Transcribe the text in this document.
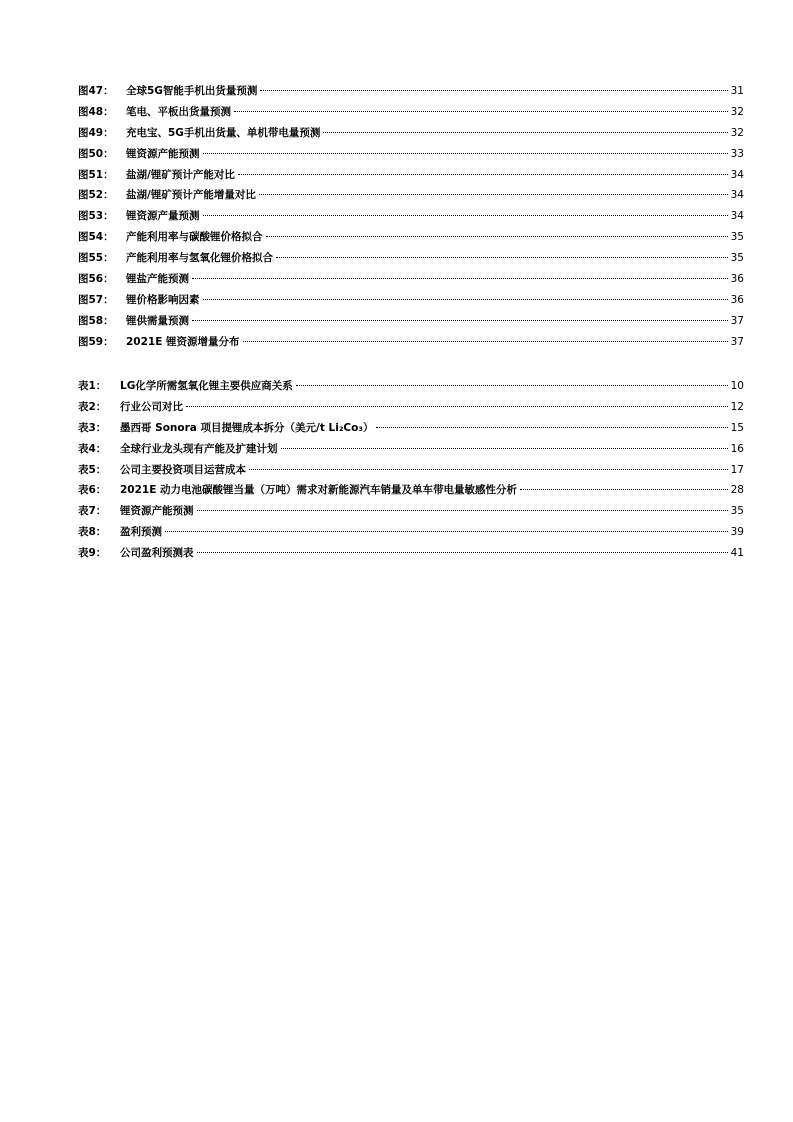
图47：	全球5G智能手机出货量预测	31
图48：	笔电、平板出货量预测	32
图49：	充电宝、5G手机出货量、单机带电量预测	32
图50：	锂资源产能预测	33
图51：	盐湖/锂矿预计产能对比	34
图52：	盐湖/锂矿预计产能增量对比	34
图53：	锂资源产量预测	34
图54：	产能利用率与碳酸锂价格拟合	35
图55：	产能利用率与氢氧化锂价格拟合	35
图56：	锂盐产能预测	36
图57：	锂价格影响因素	36
图58：	锂供需量预测	37
图59：	2021E 锂资源增量分布	37
表1：	LG化学所需氢氧化锂主要供应商关系	10
表2：	行业公司对比	12
表3：	墨西哥 Sonora 项目提锂成本拆分（美元/t Li₂Co₃）	15
表4：	全球行业龙头现有产能及扩建计划	16
表5：	公司主要投资项目运营成本	17
表6：	2021E 动力电池碳酸锂当量（万吨）需求对新能源汽车销量及单车带电量敏感性分析	28
表7：	锂资源产能预测	35
表8：	盈利预测	39
表9：	公司盈利预测表	41
